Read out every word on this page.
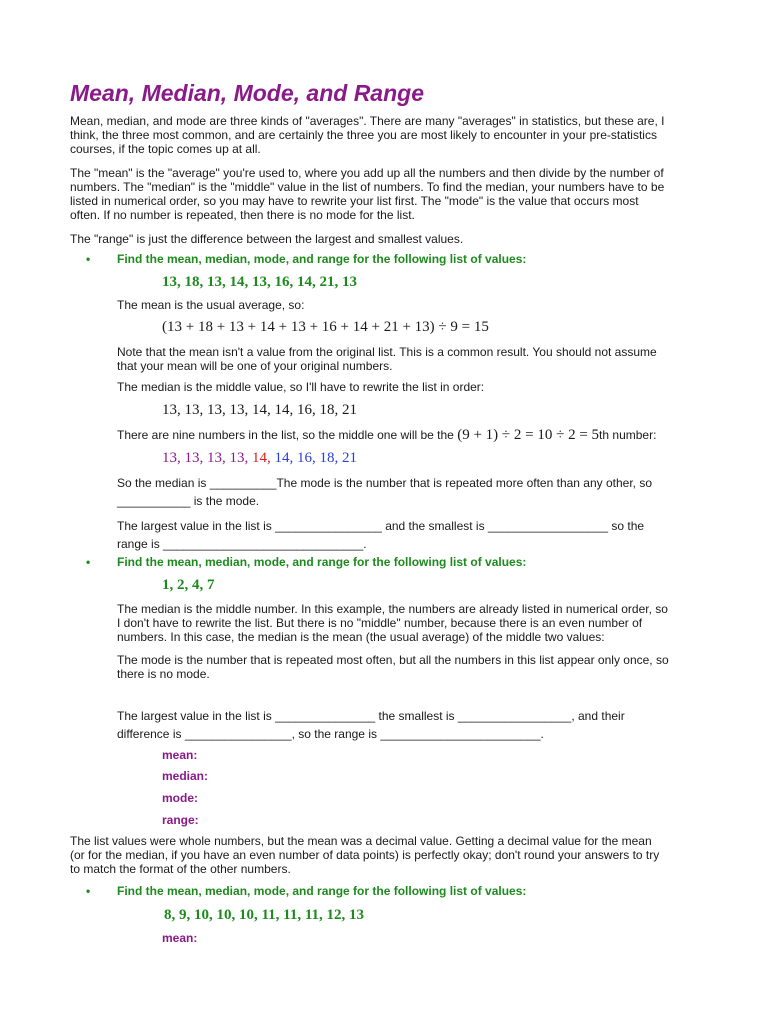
Mean, Median, Mode, and Range
Mean, median, and mode are three kinds of "averages". There are many "averages" in statistics, but these are, I
think, the three most common, and are certainly the three you are most likely to encounter in your pre-statistics
courses, if the topic comes up at all.
The "mean" is the "average" you're used to, where you add up all the numbers and then divide by the number of
numbers. The "median" is the "middle" value in the list of numbers. To find the median, your numbers have to be
listed in numerical order, so you may have to rewrite your list first. The "mode" is the value that occurs most
often. If no number is repeated, then there is no mode for the list.
The "range" is just the difference between the largest and smallest values.
• Find the mean, median, mode, and range for the following list of values:
13, 18, 13, 14, 13, 16, 14, 21, 13
The mean is the usual average, so:
(13 + 18 + 13 + 14 + 13 + 16 + 14 + 21 + 13) ÷ 9 = 15
Note that the mean isn't a value from the original list. This is a common result. You should not assume
that your mean will be one of your original numbers.
The median is the middle value, so I'll have to rewrite the list in order:
13, 13, 13, 13, 14, 14, 16, 18, 21
There are nine numbers in the list, so the middle one will be the (9 + 1) ÷ 2 = 10 ÷ 2 = 5th number:
13, 13, 13, 13, 14, 14, 16, 18, 21
So the median is __________The mode is the number that is repeated more often than any other, so
___________ is the mode.
The largest value in the list is ________________ and the smallest is __________________ so the
range is ______________________________.
• Find the mean, median, mode, and range for the following list of values:
1, 2, 4, 7
The median is the middle number. In this example, the numbers are already listed in numerical order, so
I don't have to rewrite the list. But there is no "middle" number, because there is an even number of
numbers. In this case, the median is the mean (the usual average) of the middle two values:
The mode is the number that is repeated most often, but all the numbers in this list appear only once, so
there is no mode.
The largest value in the list is _______________ the smallest is _________________, and their
difference is ________________, so the range is ________________________.
mean:
median:
mode:
range:
The list values were whole numbers, but the mean was a decimal value. Getting a decimal value for the mean
(or for the median, if you have an even number of data points) is perfectly okay; don't round your answers to try
to match the format of the other numbers.
• Find the mean, median, mode, and range for the following list of values:
8, 9, 10, 10, 10, 11, 11, 11, 12, 13
mean:
